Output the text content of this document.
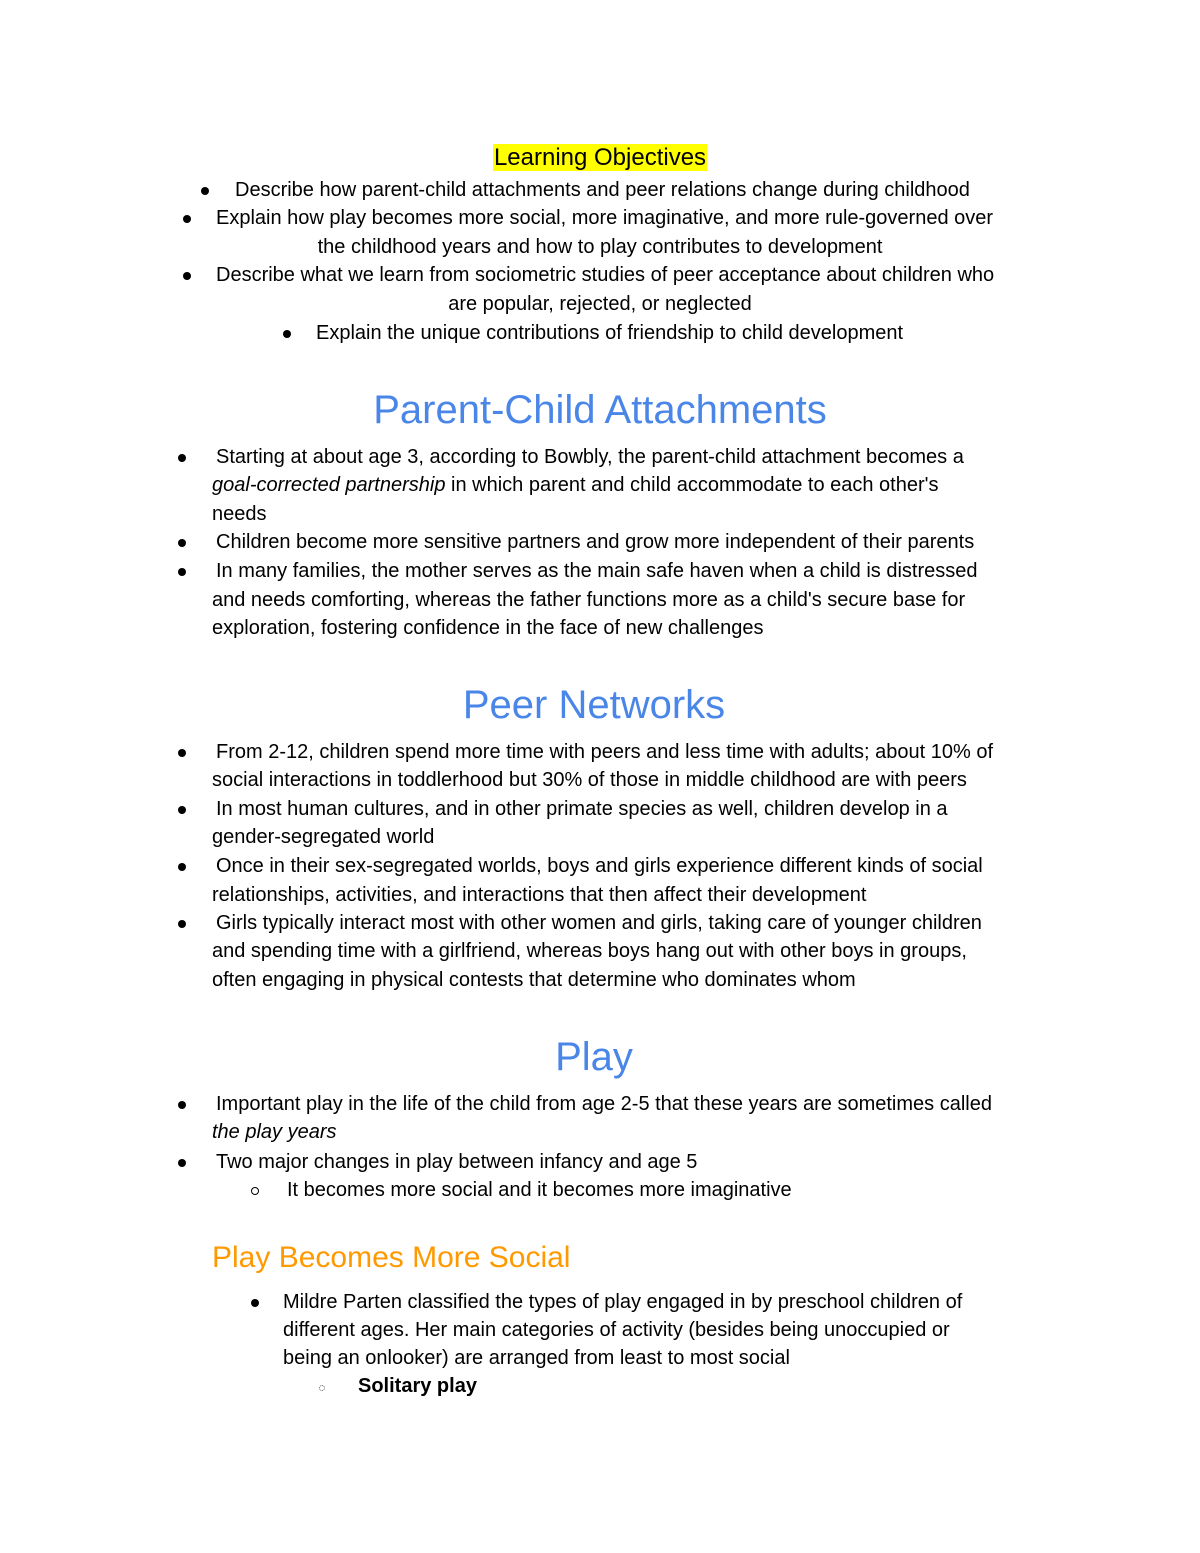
Learning Objectives
Describe how parent-child attachments and peer relations change during childhood
Explain how play becomes more social, more imaginative, and more rule-governed over
the childhood years and how to play contributes to development
Describe what we learn from sociometric studies of peer acceptance about children who
are popular, rejected, or neglected
Explain the unique contributions of friendship to child development
Parent-Child Attachments
Starting at about age 3, according to Bowbly, the parent-child attachment becomes a
goal-corrected partnership in which parent and child accommodate to each other's
needs
Children become more sensitive partners and grow more independent of their parents
In many families, the mother serves as the main safe haven when a child is distressed
and needs comforting, whereas the father functions more as a child's secure base for
exploration, fostering confidence in the face of new challenges
Peer Networks
From 2-12, children spend more time with peers and less time with adults; about 10% of
social interactions in toddlerhood but 30% of those in middle childhood are with peers
In most human cultures, and in other primate species as well, children develop in a
gender-segregated world
Once in their sex-segregated worlds, boys and girls experience different kinds of social
relationships, activities, and interactions that then affect their development
Girls typically interact most with other women and girls, taking care of younger children
and spending time with a girlfriend, whereas boys hang out with other boys in groups,
often engaging in physical contests that determine who dominates whom
Play
Important play in the life of the child from age 2-5 that these years are sometimes called
the play years
Two major changes in play between infancy and age 5
It becomes more social and it becomes more imaginative
Play Becomes More Social
Mildre Parten classified the types of play engaged in by preschool children of
different ages. Her main categories of activity (besides being unoccupied or
being an onlooker) are arranged from least to most social
Solitary play
